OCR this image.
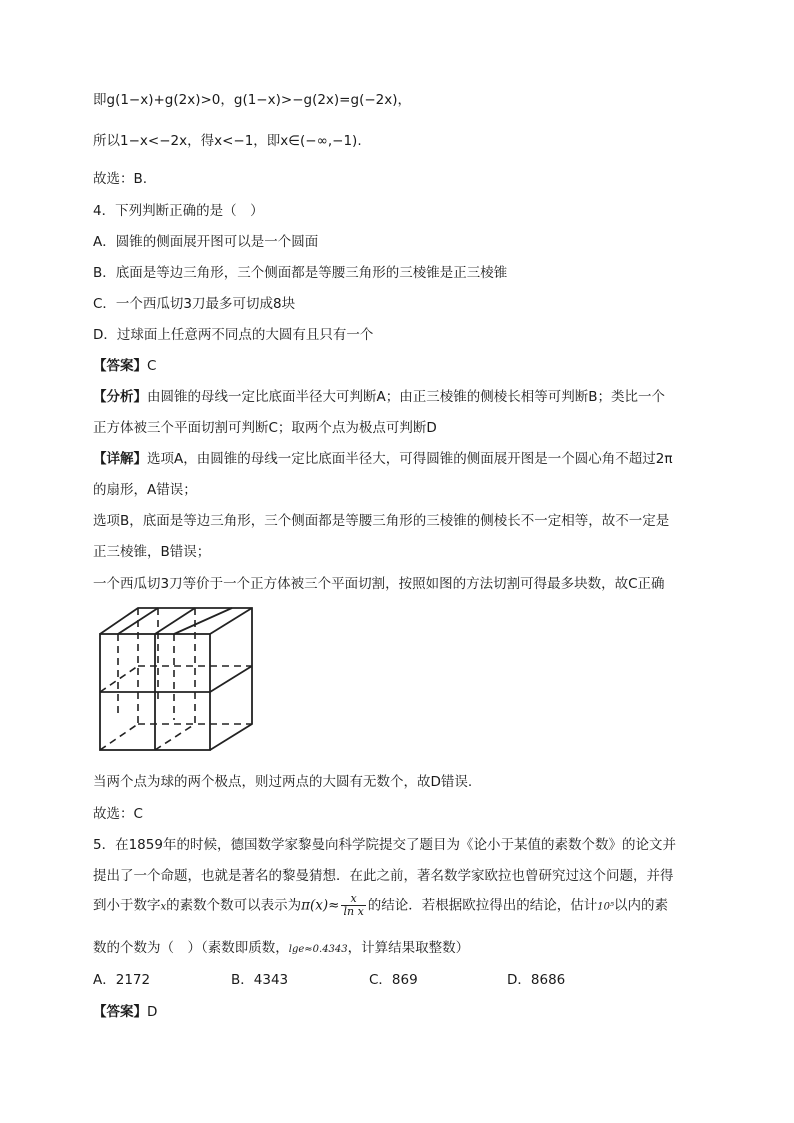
即g(1−x)+g(2x)>0，g(1−x)>−g(2x)=g(−2x)，
所以1−x<−2x，得x<−1，即x∈(−∞,−1).
故选：B.
4．下列判断正确的是（　）
A．圆锥的侧面展开图可以是一个圆面
B．底面是等边三角形，三个侧面都是等腰三角形的三棱锥是正三棱锥
C．一个西瓜切3刀最多可切成8块
D．过球面上任意两不同点的大圆有且只有一个
【答案】C
【分析】由圆锥的母线一定比底面半径大可判断A；由正三棱锥的侧棱长相等可判断B；类比一个
正方体被三个平面切割可判断C；取两个点为极点可判断D
【详解】选项A，由圆锥的母线一定比底面半径大，可得圆锥的侧面展开图是一个圆心角不超过2π
的扇形，A错误；
选项B，底面是等边三角形，三个侧面都是等腰三角形的三棱锥的侧棱长不一定相等，故不一定是
正三棱锥，B错误；
一个西瓜切3刀等价于一个正方体被三个平面切割，按照如图的方法切割可得最多块数，故C正确
当两个点为球的两个极点，则过两点的大圆有无数个，故D错误.
故选：C
5．在1859年的时候，德国数学家黎曼向科学院提交了题目为《论小于某值的素数个数》的论文并
提出了一个命题，也就是著名的黎曼猜想．在此之前，著名数学家欧拉也曾研究过这个问题，并得
到小于数字x的素数个数可以表示为$\pi(x)\approx \frac{x}{\text{ln x}}$ 的结论．若根据欧拉得出的结论，估计10⁵以内的素
数的个数为（　）（素数即质数，lge≈0.4343，计算结果取整数）
A．2172	B．4343	C．869	D．8686
【答案】D
